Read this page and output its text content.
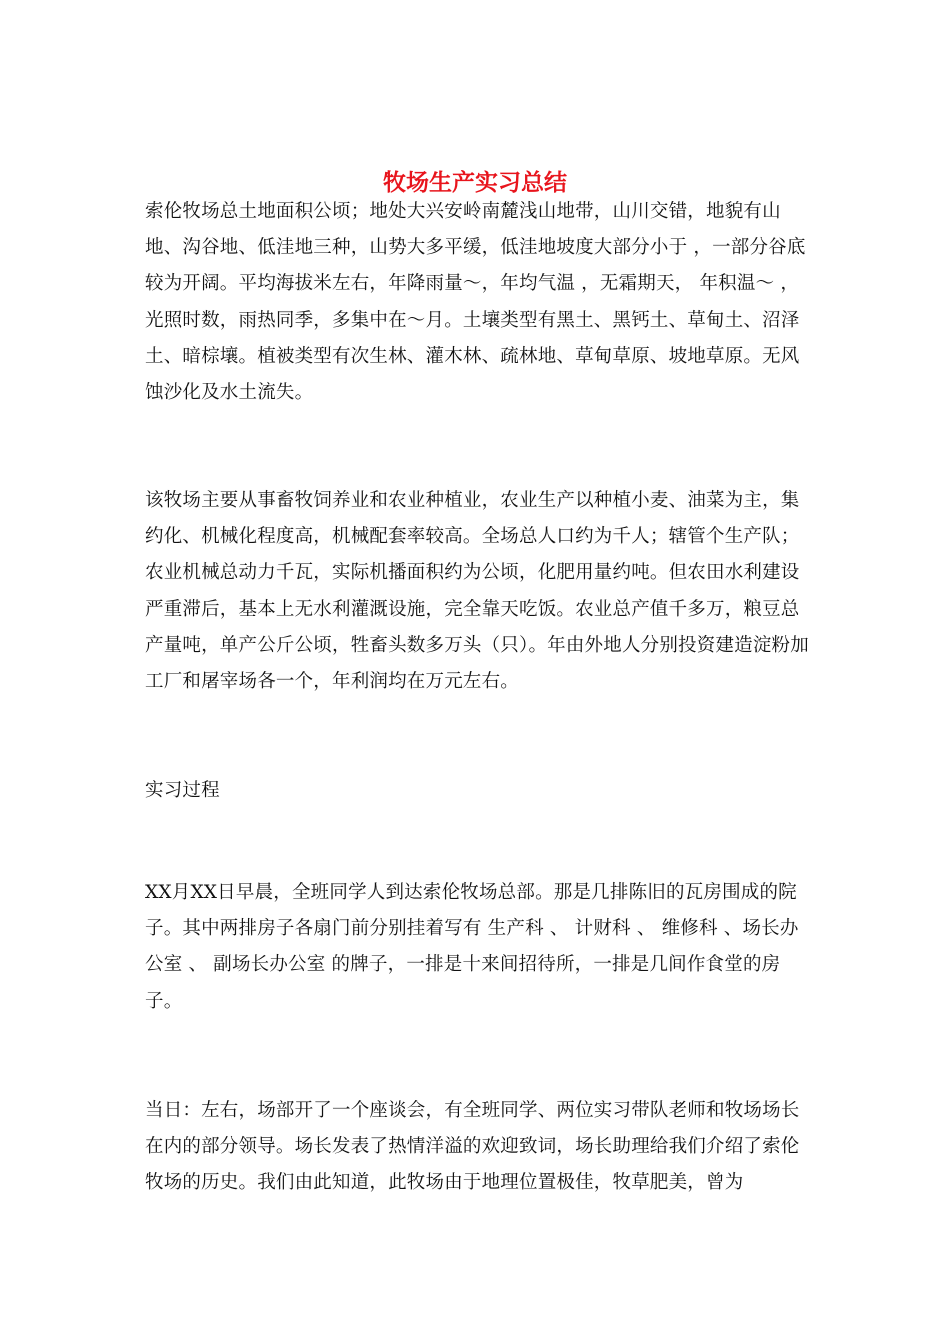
牧场生产实习总结

索伦牧场总土地面积公顷；地处大兴安岭南麓浅山地带，山川交错，地貌有山地、沟谷地、低洼地三种，山势大多平缓，低洼地坡度大部分小于 ，一部分谷底较为开阔。平均海拔米左右，年降雨量～，年均气温 ，无霜期天， 年积温～ ，光照时数，雨热同季，多集中在～月。土壤类型有黑土、黑钙土、草甸土、沼泽土、暗棕壤。植被类型有次生林、灌木林、疏林地、草甸草原、坡地草原。无风蚀沙化及水土流失。

该牧场主要从事畜牧饲养业和农业种植业，农业生产以种植小麦、油菜为主，集约化、机械化程度高，机械配套率较高。全场总人口约为千人；辖管个生产队；农业机械总动力千瓦，实际机播面积约为公顷，化肥用量约吨。但农田水利建设严重滞后，基本上无水利灌溉设施，完全靠天吃饭。农业总产值千多万，粮豆总产量吨，单产公斤公顷，牲畜头数多万头（只）。年由外地人分别投资建造淀粉加工厂和屠宰场各一个，年利润均在万元左右。

实习过程

XX月XX日早晨，全班同学人到达索伦牧场总部。那是几排陈旧的瓦房围成的院子。其中两排房子各扇门前分别挂着写有 生产科 、 计财科 、 维修科 、场长办公室 、 副场长办公室 的牌子，一排是十来间招待所，一排是几间作食堂的房子。

当日：左右，场部开了一个座谈会，有全班同学、两位实习带队老师和牧场场长在内的部分领导。场长发表了热情洋溢的欢迎致词，场长助理给我们介绍了索伦牧场的历史。我们由此知道，此牧场由于地理位置极佳，牧草肥美，曾为
